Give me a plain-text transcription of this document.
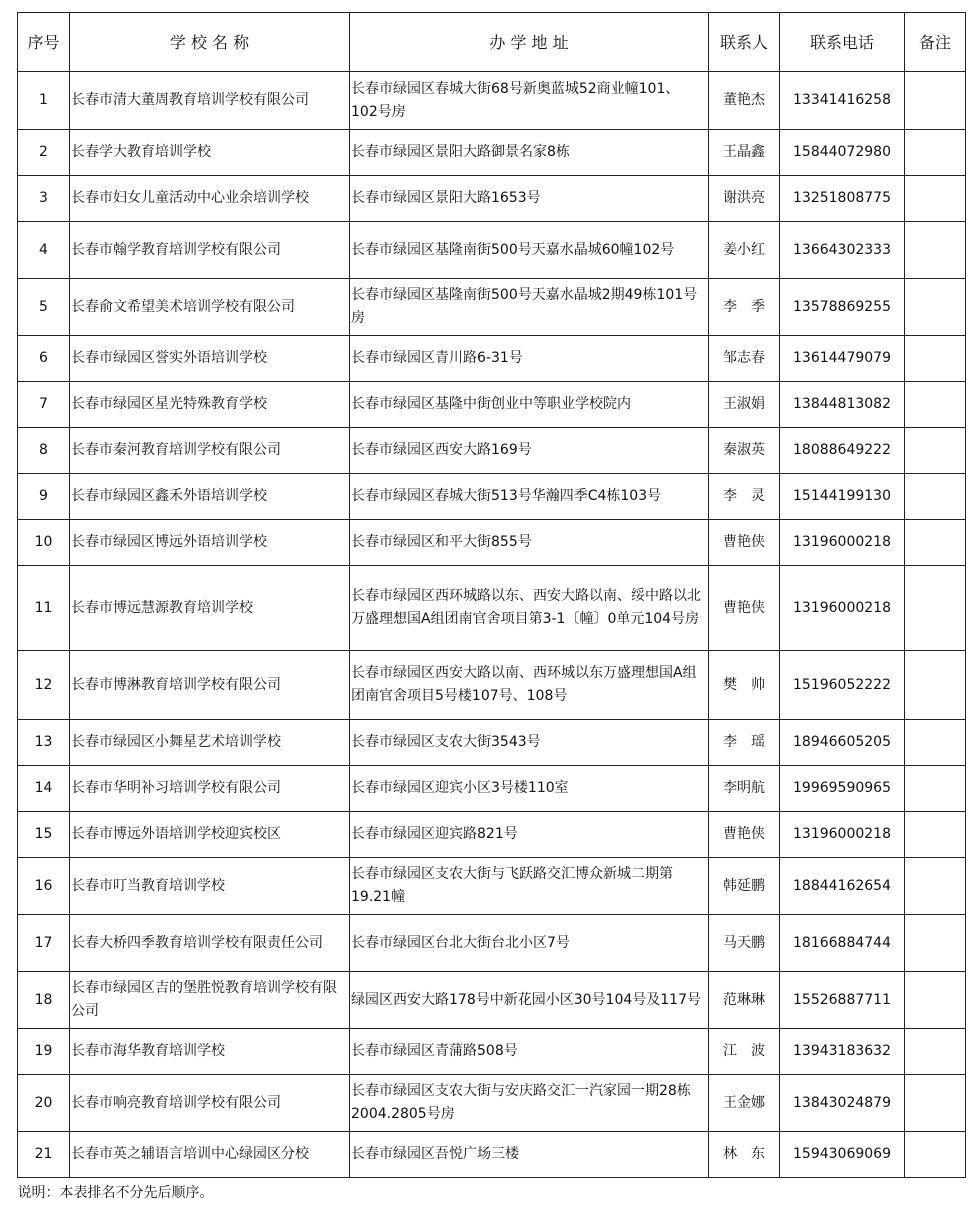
序号	学 校 名 称	办 学 地 址	联系人	联系电话	备注
1	长春市清大董周教育培训学校有限公司	长春市绿园区春城大街68号新奥蓝城52商业幢101、102号房	董艳杰	13341416258	
2	长春学大教育培训学校	长春市绿园区景阳大路御景名家8栋	王晶鑫	15844072980	
3	长春市妇女儿童活动中心业余培训学校	长春市绿园区景阳大路1653号	谢洪亮	13251808775	
4	长春市翰学教育培训学校有限公司	长春市绿园区基隆南街500号天嘉水晶城60幢102号	姜小红	13664302333	
5	长春俞文希望美术培训学校有限公司	长春市绿园区基隆南街500号天嘉水晶城2期49栋101号房	李　季	13578869255	
6	长春市绿园区誉实外语培训学校	长春市绿园区青川路6-31号	邹志春	13614479079	
7	长春市绿园区星光特殊教育学校	长春市绿园区基隆中街创业中等职业学校院内	王淑娟	13844813082	
8	长春市秦河教育培训学校有限公司	长春市绿园区西安大路169号	秦淑英	18088649222	
9	长春市绿园区鑫禾外语培训学校	长春市绿园区春城大街513号华瀚四季C4栋103号	李　灵	15144199130	
10	长春市绿园区博远外语培训学校	长春市绿园区和平大街855号	曹艳侠	13196000218	
11	长春市博远慧源教育培训学校	长春市绿园区西环城路以东、西安大路以南、绥中路以北万盛理想国A组团南官舍项目第3-1〔幢〕0单元104号房	曹艳侠	13196000218	
12	长春市博淋教育培训学校有限公司	长春市绿园区西安大路以南、西环城以东万盛理想国A组团南官舍项目5号楼107号、108号	樊　帅	15196052222	
13	长春市绿园区小舞星艺术培训学校	长春市绿园区支农大街3543号	李　瑶	18946605205	
14	长春市华明补习培训学校有限公司	长春市绿园区迎宾小区3号楼110室	李明航	19969590965	
15	长春市博远外语培训学校迎宾校区	长春市绿园区迎宾路821号	曹艳侠	13196000218	
16	长春市叮当教育培训学校	长春市绿园区支农大街与飞跃路交汇博众新城二期第19.21幢	韩延鹏	18844162654	
17	长春大桥四季教育培训学校有限责任公司	长春市绿园区台北大街台北小区7号	马天鹏	18166884744	
18	长春市绿园区吉的堡胜悦教育培训学校有限公司	绿园区西安大路178号中新花园小区30号104号及117号	范琳琳	15526887711	
19	长春市海华教育培训学校	长春市绿园区青蒲路508号	江　波	13943183632	
20	长春市响亮教育培训学校有限公司	长春市绿园区支农大街与安庆路交汇一汽家园一期28栋2004.2805号房	王金娜	13843024879	
21	长春市英之辅语言培训中心绿园区分校	长春市绿园区吾悦广场三楼	林　东	15943069069	
说明：本表排名不分先后顺序。					
